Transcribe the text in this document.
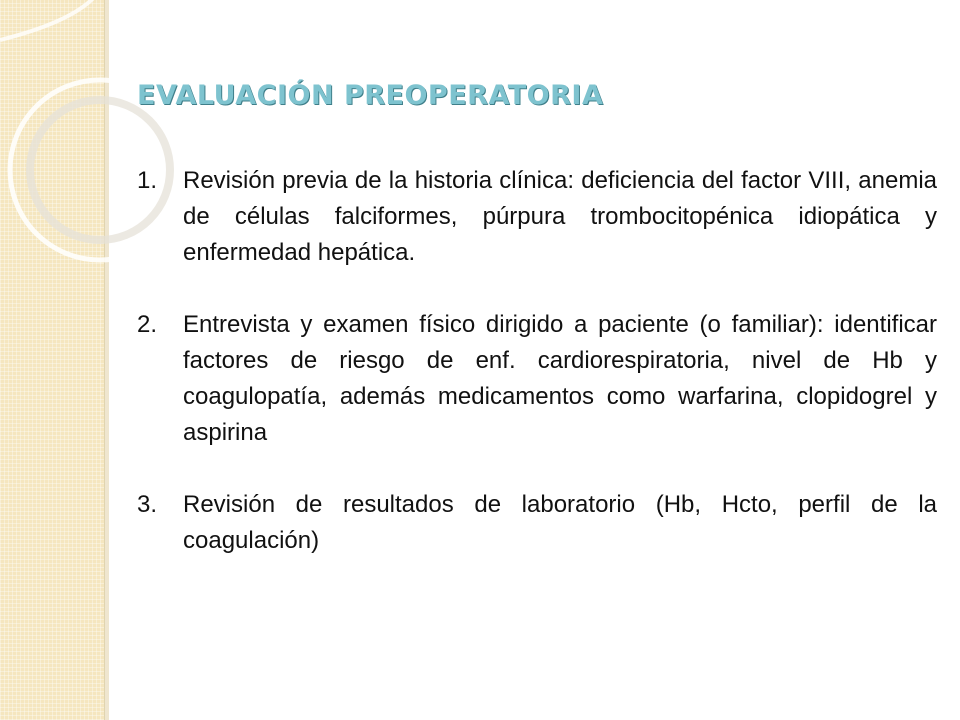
EVALUACIÓN PREOPERATORIA
1. Revisión previa de la historia clínica: deficiencia del factor VIII, anemia de células falciformes, púrpura trombocitopénica idiopática y enfermedad hepática.
2. Entrevista y examen físico dirigido a paciente (o familiar): identificar factores de riesgo de enf. cardiorespiratoria, nivel de Hb y coagulopatía, además medicamentos como warfarina, clopidogrel y aspirina
3. Revisión de resultados de laboratorio (Hb, Hcto, perfil de la coagulación)
